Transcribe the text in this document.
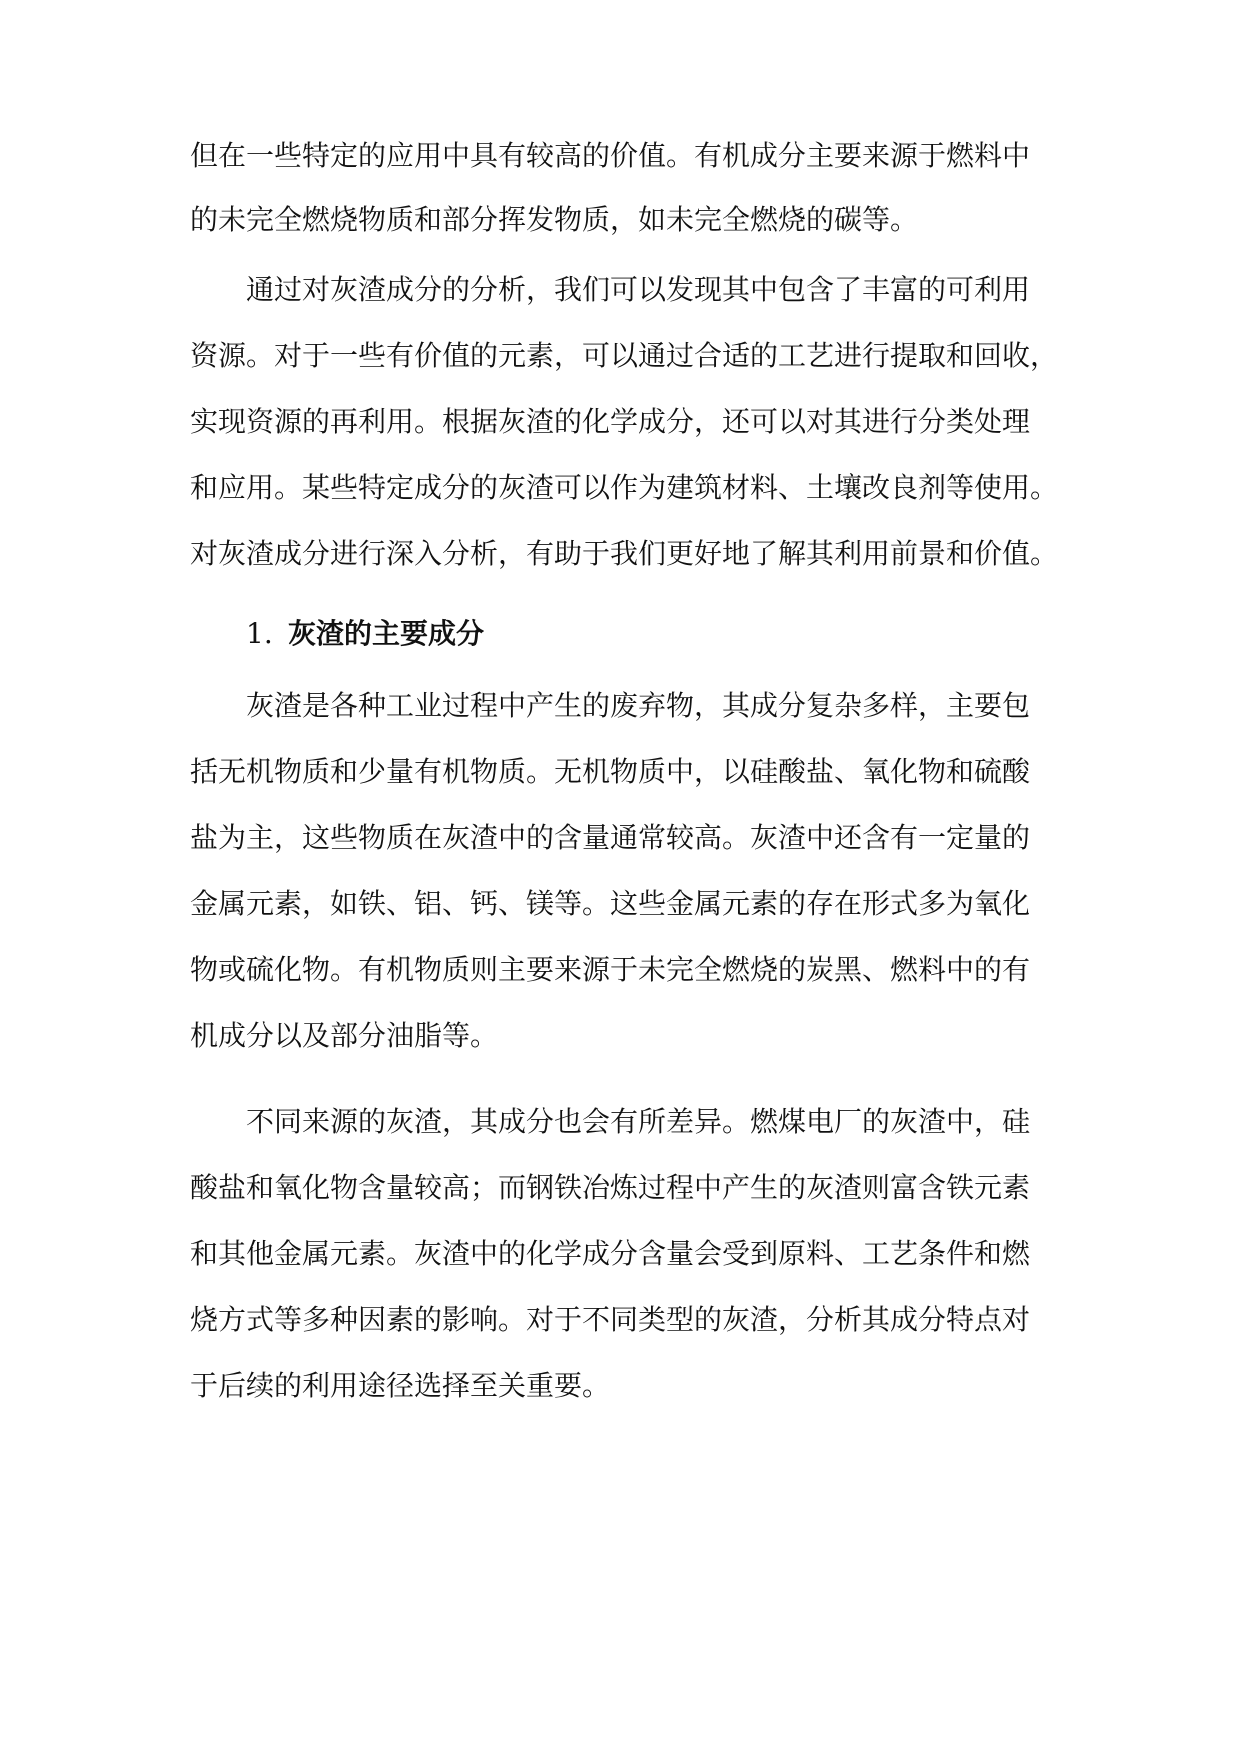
但在一些特定的应用中具有较高的价值。有机成分主要来源于燃料中
的未完全燃烧物质和部分挥发物质，如未完全燃烧的碳等。
通过对灰渣成分的分析，我们可以发现其中包含了丰富的可利用
资源。对于一些有价值的元素，可以通过合适的工艺进行提取和回收，
实现资源的再利用。根据灰渣的化学成分，还可以对其进行分类处理
和应用。某些特定成分的灰渣可以作为建筑材料、土壤改良剂等使用。
对灰渣成分进行深入分析，有助于我们更好地了解其利用前景和价值。
1. 灰渣的主要成分
灰渣是各种工业过程中产生的废弃物，其成分复杂多样，主要包
括无机物质和少量有机物质。无机物质中，以硅酸盐、氧化物和硫酸
盐为主，这些物质在灰渣中的含量通常较高。灰渣中还含有一定量的
金属元素，如铁、铝、钙、镁等。这些金属元素的存在形式多为氧化
物或硫化物。有机物质则主要来源于未完全燃烧的炭黑、燃料中的有
机成分以及部分油脂等。
不同来源的灰渣，其成分也会有所差异。燃煤电厂的灰渣中，硅
酸盐和氧化物含量较高；而钢铁冶炼过程中产生的灰渣则富含铁元素
和其他金属元素。灰渣中的化学成分含量会受到原料、工艺条件和燃
烧方式等多种因素的影响。对于不同类型的灰渣，分析其成分特点对
于后续的利用途径选择至关重要。
